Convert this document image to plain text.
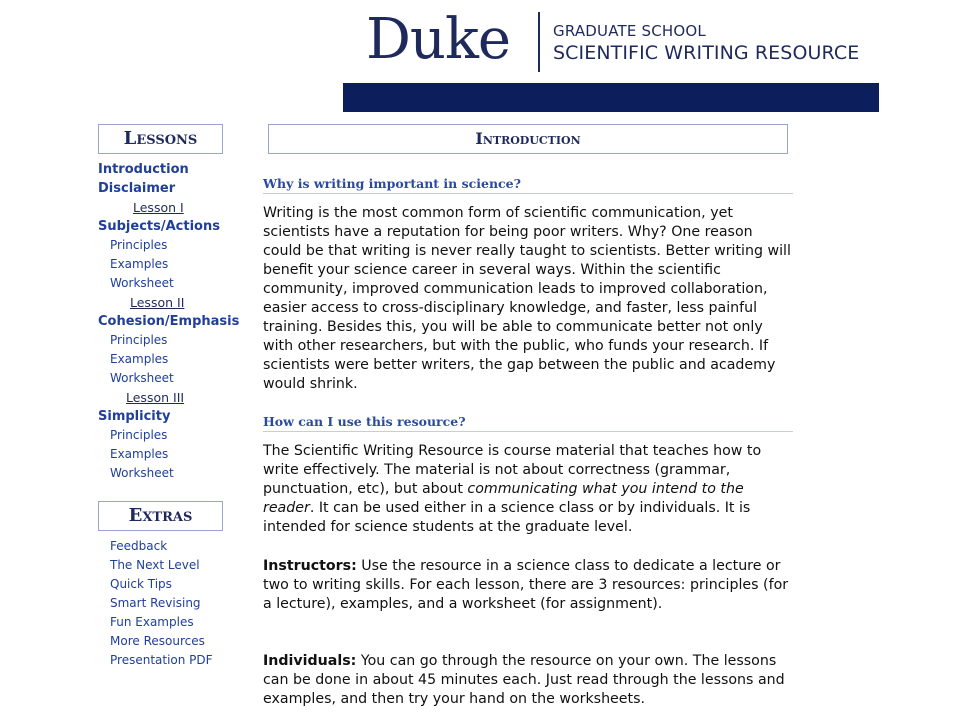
Duke	GRADUATE SCHOOL
SCIENTIFIC WRITING RESOURCE
Lessons
Introduction
Disclaimer
Lesson I
Subjects/Actions
Principles
Examples
Worksheet
Lesson II
Cohesion/Emphasis
Principles
Examples
Worksheet
Lesson III
Simplicity
Principles
Examples
Worksheet
Extras
Feedback
The Next Level
Quick Tips
Smart Revising
Fun Examples
More Resources
Presentation PDF
Introduction
Why is writing important in science?

Writing is the most common form of scientific communication, yet scientists have a reputation for being poor writers. Why? One reason could be that writing is never really taught to scientists. Better writing will benefit your science career in several ways. Within the scientific community, improved communication leads to improved collaboration, easier access to cross-disciplinary knowledge, and faster, less painful training. Besides this, you will be able to communicate better not only with other researchers, but with the public, who funds your research. If scientists were better writers, the gap between the public and academy would shrink.

How can I use this resource?

The Scientific Writing Resource is course material that teaches how to write effectively. The material is not about correctness (grammar, punctuation, etc), but about communicating what you intend to the reader. It can be used either in a science class or by individuals. It is intended for science students at the graduate level.

Instructors: Use the resource in a science class to dedicate a lecture or two to writing skills. For each lesson, there are 3 resources: principles (for a lecture), examples, and a worksheet (for assignment).

Individuals: You can go through the resource on your own. The lessons can be done in about 45 minutes each. Just read through the lessons and examples, and then try your hand on the worksheets.
